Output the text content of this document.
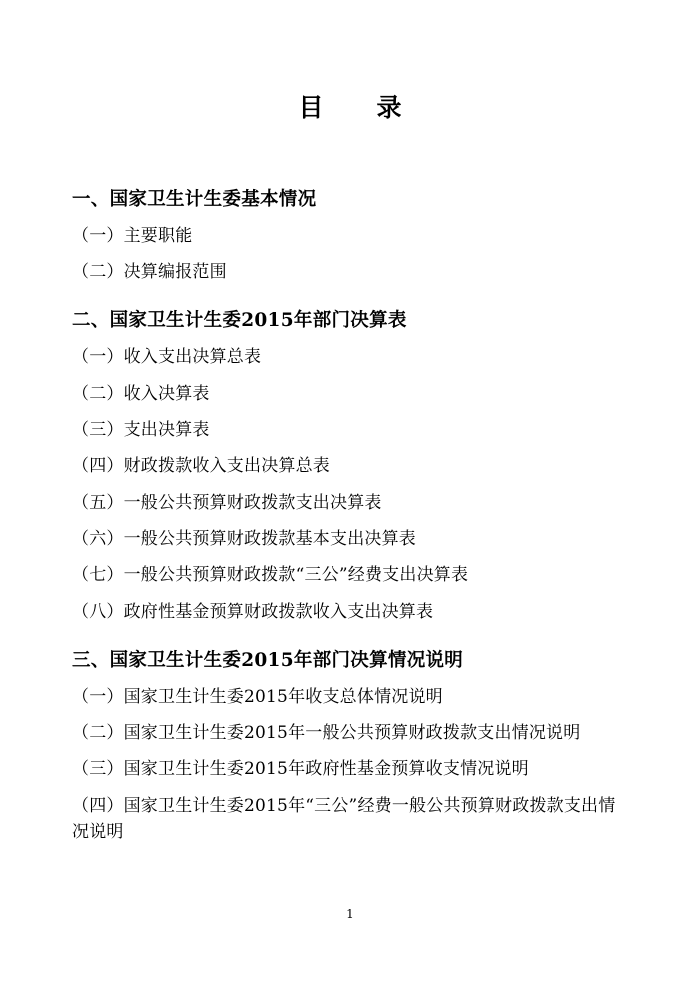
目　录
一、国家卫生计生委基本情况
（一）主要职能
（二）决算编报范围
二、国家卫生计生委2015年部门决算表
（一）收入支出决算总表
（二）收入决算表
（三）支出决算表
（四）财政拨款收入支出决算总表
（五）一般公共预算财政拨款支出决算表
（六）一般公共预算财政拨款基本支出决算表
（七）一般公共预算财政拨款“三公”经费支出决算表
（八）政府性基金预算财政拨款收入支出决算表
三、国家卫生计生委2015年部门决算情况说明
（一）国家卫生计生委2015年收支总体情况说明
（二）国家卫生计生委2015年一般公共预算财政拨款支出情况说明
（三）国家卫生计生委2015年政府性基金预算收支情况说明
（四）国家卫生计生委2015年“三公”经费一般公共预算财政拨款支出情况说明
1
